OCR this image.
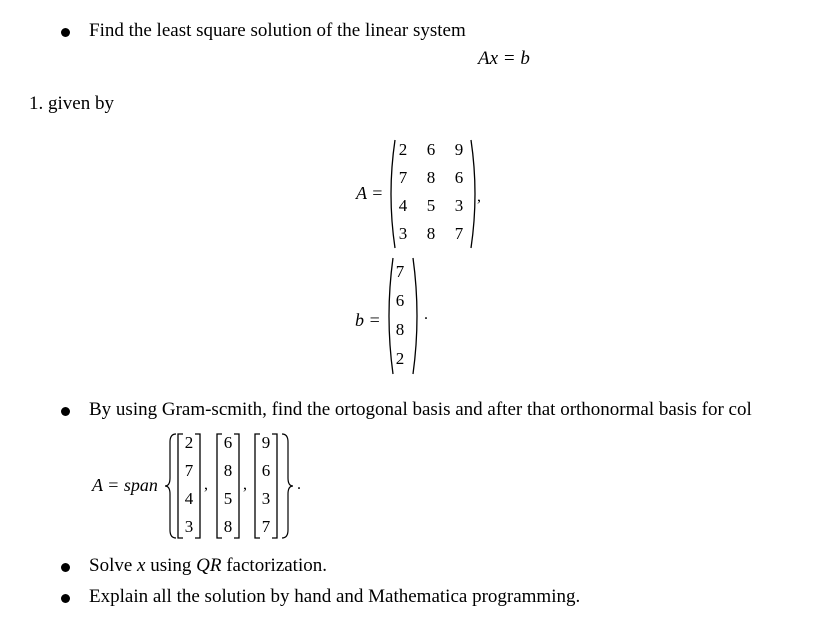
Find the least square solution of the linear system
Ax = b
1. given by
A =
2	6	9
7	8	6
4	5	3
3	8	7
,
b =
7
6
8
2
.
By using Gram-scmith, find the ortogonal basis and after that orthonormal basis for col
A = span
2
7
4
3
,
6
8
5
8
,
9
6
3
7
.
Solve x using QR factorization.
Explain all the solution by hand and Mathematica programming.
